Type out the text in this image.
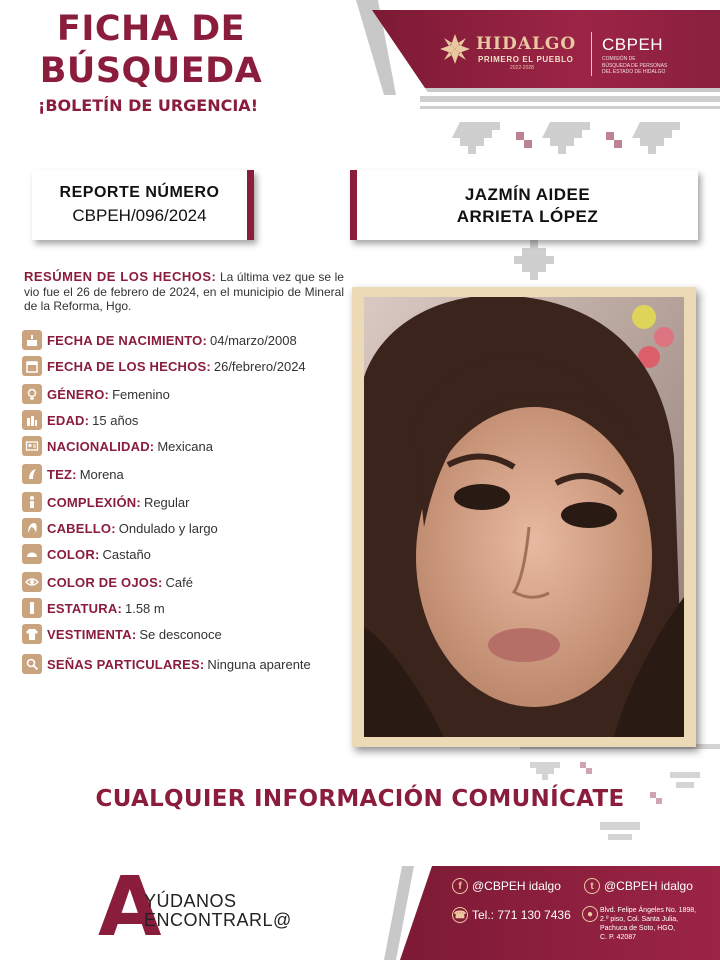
FICHA DE
BÚSQUEDA
¡BOLETÍN DE URGENCIA!
HIDALGO
PRIMERO EL PUEBLO
2022-2028
CBPEH
COMISIÓN DE
BÚSQUEDA DE PERSONAS
DEL ESTADO DE HIDALGO
REPORTE NÚMERO
CBPEH/096/2024
JAZMÍN AIDEE
ARRIETA LÓPEZ
RESÚMEN DE LOS HECHOS: La última vez que se le vio fue el 26 de febrero de 2024, en el municipio de Mineral de la Reforma, Hgo.
FECHA DE NACIMIENTO: 04/marzo/2008
FECHA DE LOS HECHOS: 26/febrero/2024
GÉNERO: Femenino
EDAD: 15 años
NACIONALIDAD: Mexicana
TEZ: Morena
COMPLEXIÓN: Regular
CABELLO: Ondulado y largo
COLOR: Castaño
COLOR DE OJOS: Café
ESTATURA: 1.58 m
VESTIMENTA: Se desconoce
SEÑAS PARTICULARES: Ninguna aparente
CUALQUIER INFORMACIÓN COMUNÍCATE
A
YÚDANOS
ENCONTRARL@
f @CBPEH idalgo	t @CBPEH idalgo
☎ Tel.: 771 130 7436	● Blvd. Felipe Ángeles No. 1898,
2.º piso, Col. Santa Julia,
Pachuca de Soto, HGO,
C. P. 42087
